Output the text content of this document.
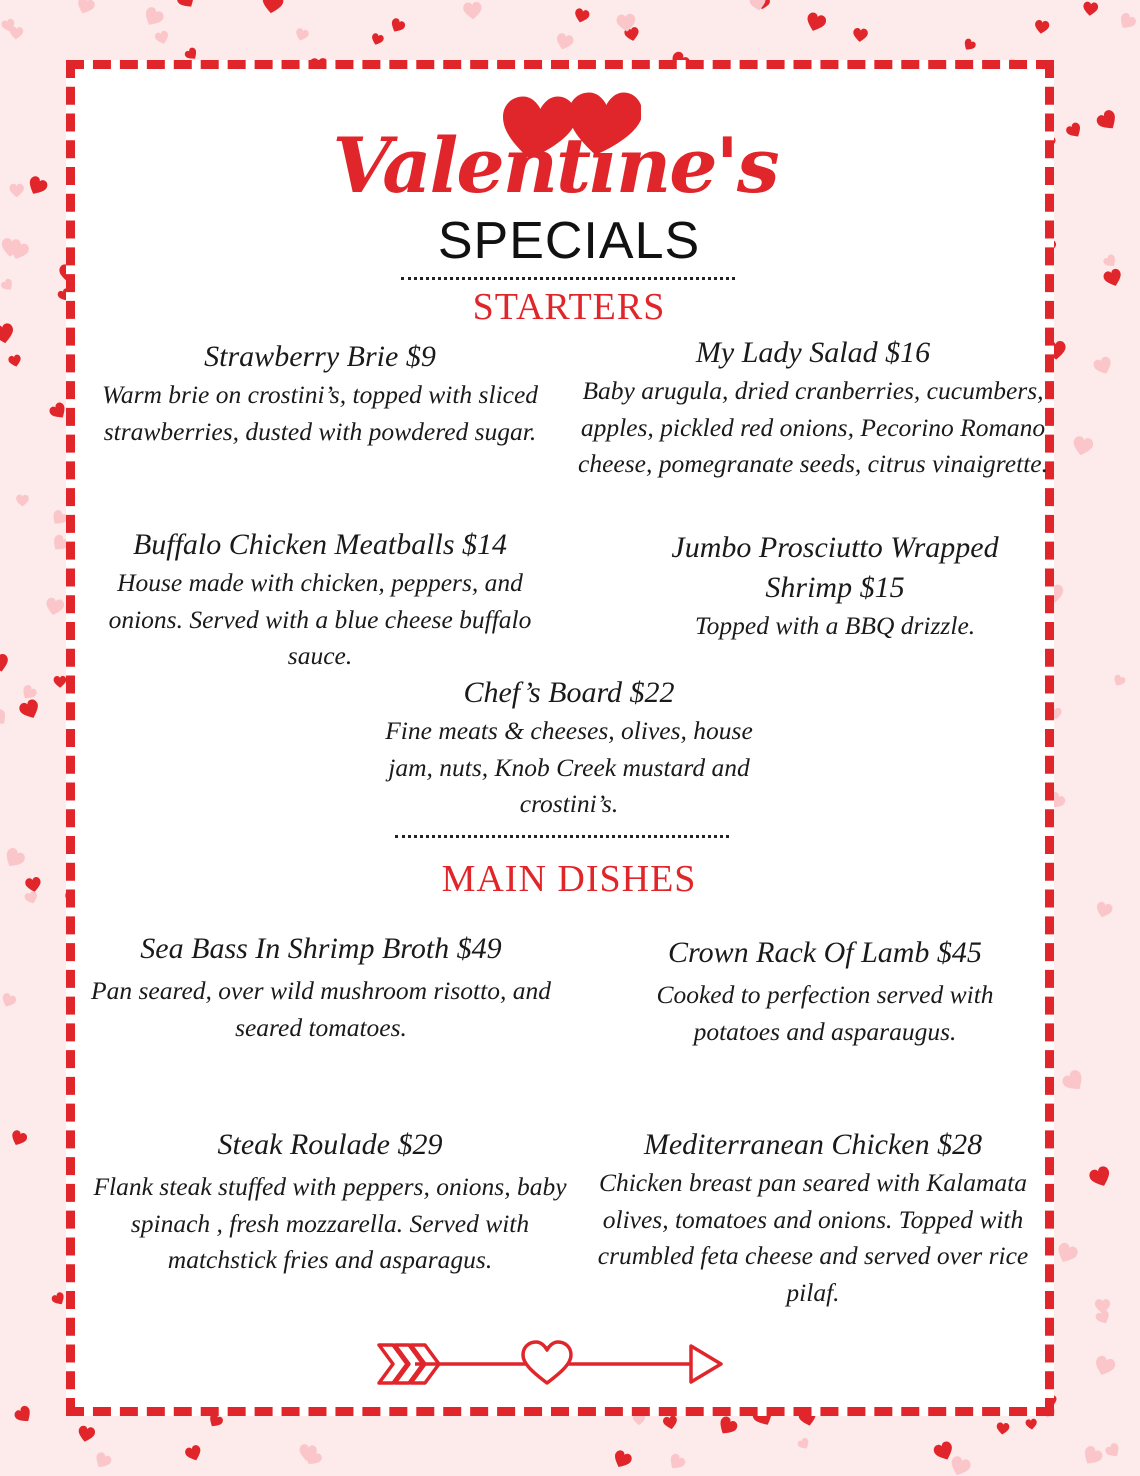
Valentine's
SPECIALS
STARTERS
Strawberry Brie $9
Warm brie on crostini’s, topped with sliced strawberries, dusted with powdered sugar.
My Lady Salad $16
Baby arugula, dried cranberries, cucumbers, apples, pickled red onions, Pecorino Romano cheese, pomegranate seeds, citrus vinaigrette.
Buffalo Chicken Meatballs $14
House made with chicken, peppers, and onions. Served with a blue cheese buffalo sauce.
Jumbo Prosciutto Wrapped Shrimp $15
Topped with a BBQ drizzle.
Chef’s Board $22
Fine meats & cheeses, olives, house jam, nuts, Knob Creek mustard and crostini’s.
MAIN DISHES
Sea Bass In Shrimp Broth $49
Pan seared, over wild mushroom risotto, and seared tomatoes.
Crown Rack Of Lamb $45
Cooked to perfection served with potatoes and asparaugus.
Steak Roulade $29
Flank steak stuffed with peppers, onions, baby spinach , fresh mozzarella. Served with matchstick fries and asparagus.
Mediterranean Chicken $28
Chicken breast pan seared with Kalamata olives, tomatoes and onions. Topped with crumbled feta cheese and served over rice pilaf.
